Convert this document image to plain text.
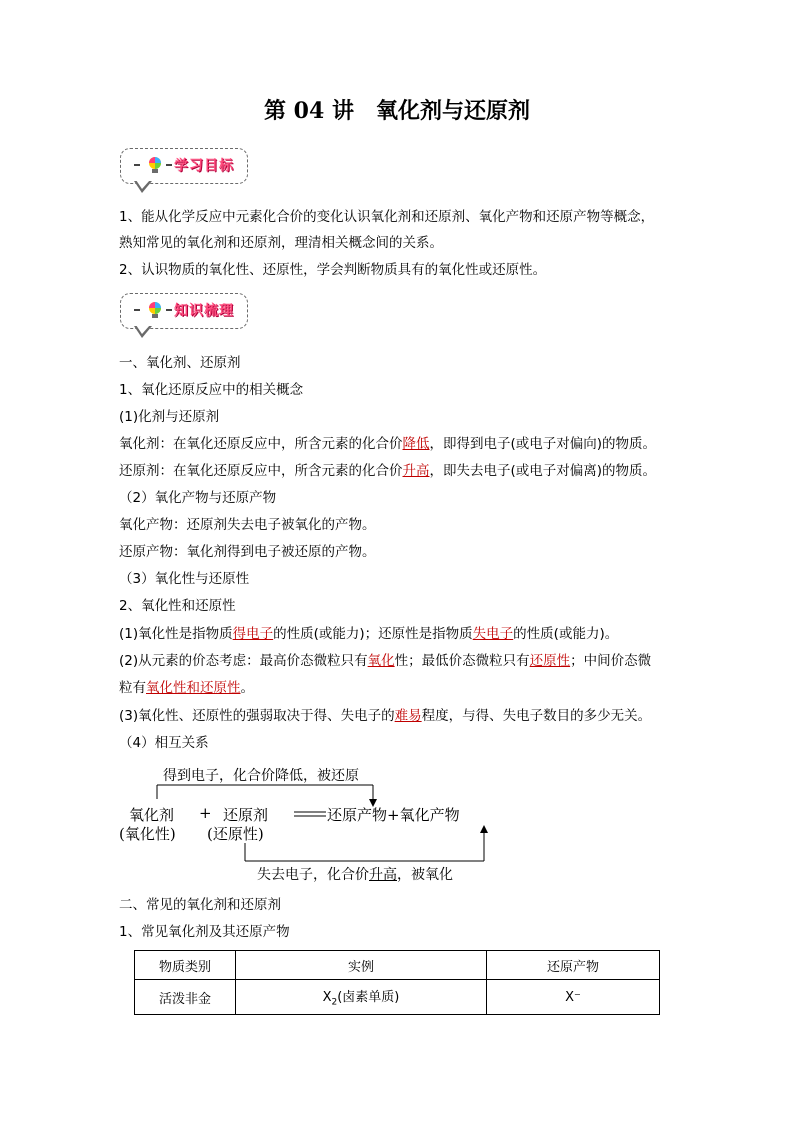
第 04 讲 氧化剂与还原剂
学习目标
1、能从化学反应中元素化合价的变化认识氧化剂和还原剂、氧化产物和还原产物等概念，
熟知常见的氧化剂和还原剂，理清相关概念间的关系。
2、认识物质的氧化性、还原性，学会判断物质具有的氧化性或还原性。
知识梳理
一、氧化剂、还原剂
1、氧化还原反应中的相关概念
(1)化剂与还原剂
氧化剂：在氧化还原反应中，所含元素的化合价降低，即得到电子(或电子对偏向)的物质。
还原剂：在氧化还原反应中，所含元素的化合价升高，即失去电子(或电子对偏离)的物质。
（2）氧化产物与还原产物
氧化产物：还原剂失去电子被氧化的产物。
还原产物：氧化剂得到电子被还原的产物。
（3）氧化性与还原性
2、氧化性和还原性
(1)氧化性是指物质得电子的性质(或能力)；还原性是指物质失电子的性质(或能力)。
(2)从元素的价态考虑：最高价态微粒只有氧化性；最低价态微粒只有还原性；中间价态微
粒有氧化性和还原性。
(3)氧化性、还原性的强弱取决于得、失电子的难易程度，与得、失电子数目的多少无关。
（4）相互关系
得到电子，化合价降低，被还原
氧化剂 + 还原剂	还原产物+氧化产物
(氧化性) (还原性)
失去电子，化合价升高，被氧化
二、常见的氧化剂和还原剂
1、常见氧化剂及其还原产物
物质类别	实例	还原产物
活泼非金	$X_2$(卤素单质)	X⁻
